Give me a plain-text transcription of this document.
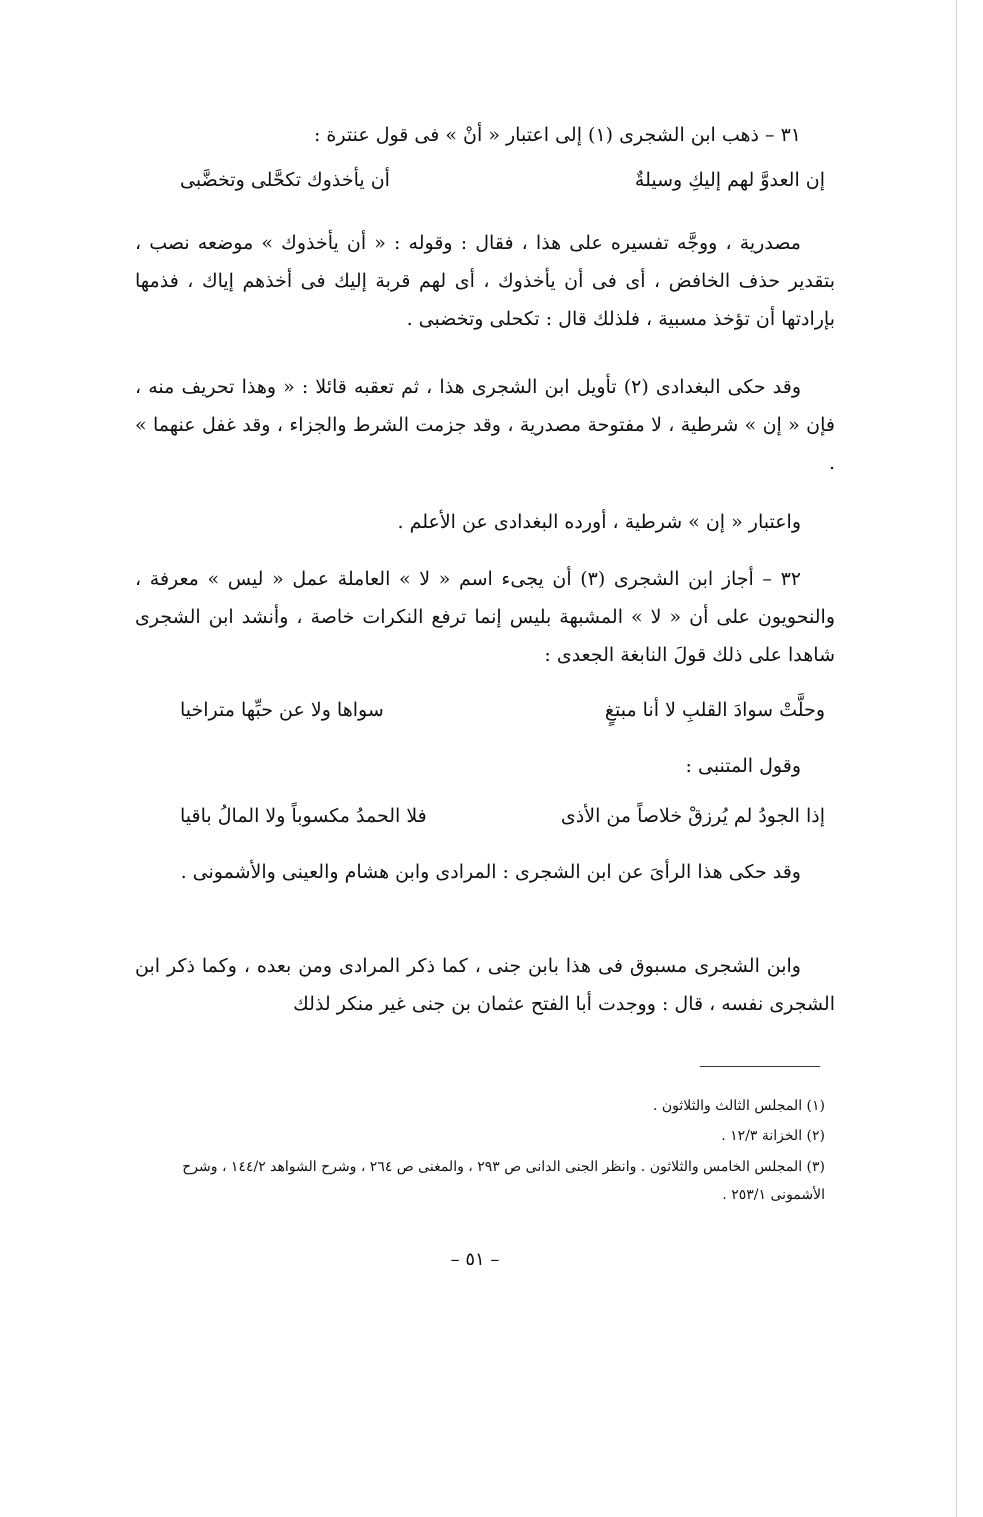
٣١ – ذهب ابن الشجرى (١) إلى اعتبار « أنْ » فى قول عنترة :

إن العدوَّ لهم إليكِ وسيلةٌ
أن يأخذوك تكحَّلى وتخضَّبى

مصدرية ، ووجَّه تفسيره على هذا ، فقال : وقوله : « أن يأخذوك » موضعه نصب ، بتقدير حذف الخافض ، أى فى أن يأخذوك ، أى لهم قربة إليك فى أخذهم إياك ، فذمها بإرادتها أن تؤخذ مسبية ، فلذلك قال : تكحلى وتخضبى .

وقد حكى البغدادى (٢) تأويل ابن الشجرى هذا ، ثم تعقبه قائلا : « وهذا تحريف منه ، فإن « إن » شرطية ، لا مفتوحة مصدرية ، وقد جزمت الشرط والجزاء ، وقد غفل عنهما » .

واعتبار « إن » شرطية ، أورده البغدادى عن الأعلم .

٣٢ – أجاز ابن الشجرى (٣) أن يجىء اسم « لا » العاملة عمل « ليس » معرفة ، والنحويون على أن « لا » المشبهة بليس إنما ترفع النكرات خاصة ، وأنشد ابن الشجرى شاهدا على ذلك قولَ النابغة الجعدى :

وحلَّتْ سوادَ القلبِ لا أنا مبتغٍ
سواها ولا عن حبِّها متراخيا

وقول المتنبى :

إذا الجودُ لم يُرزقْ خلاصاً من الأذى
فلا الحمدُ مكسوباً ولا المالُ باقيا

وقد حكى هذا الرأىَ عن ابن الشجرى : المرادى وابن هشام والعينى والأشمونى .

وابن الشجرى مسبوق فى هذا بابن جنى ، كما ذكر المرادى ومن بعده ، وكما ذكر ابن الشجرى نفسه ، قال : ووجدت أبا الفتح عثمان بن جنى غير منكر لذلك

(١) المجلس الثالث والثلاثون .

(٢) الخزانة ١٢/٣ .

(٣) المجلس الخامس والثلاثون . وانظر الجنى الدانى ص ٢٩٣ ، والمغنى ص ٢٦٤ ، وشرح الشواهد ١٤٤/٢ ، وشرح الأشمونى ٢٥٣/١ .

– ٥١ –
